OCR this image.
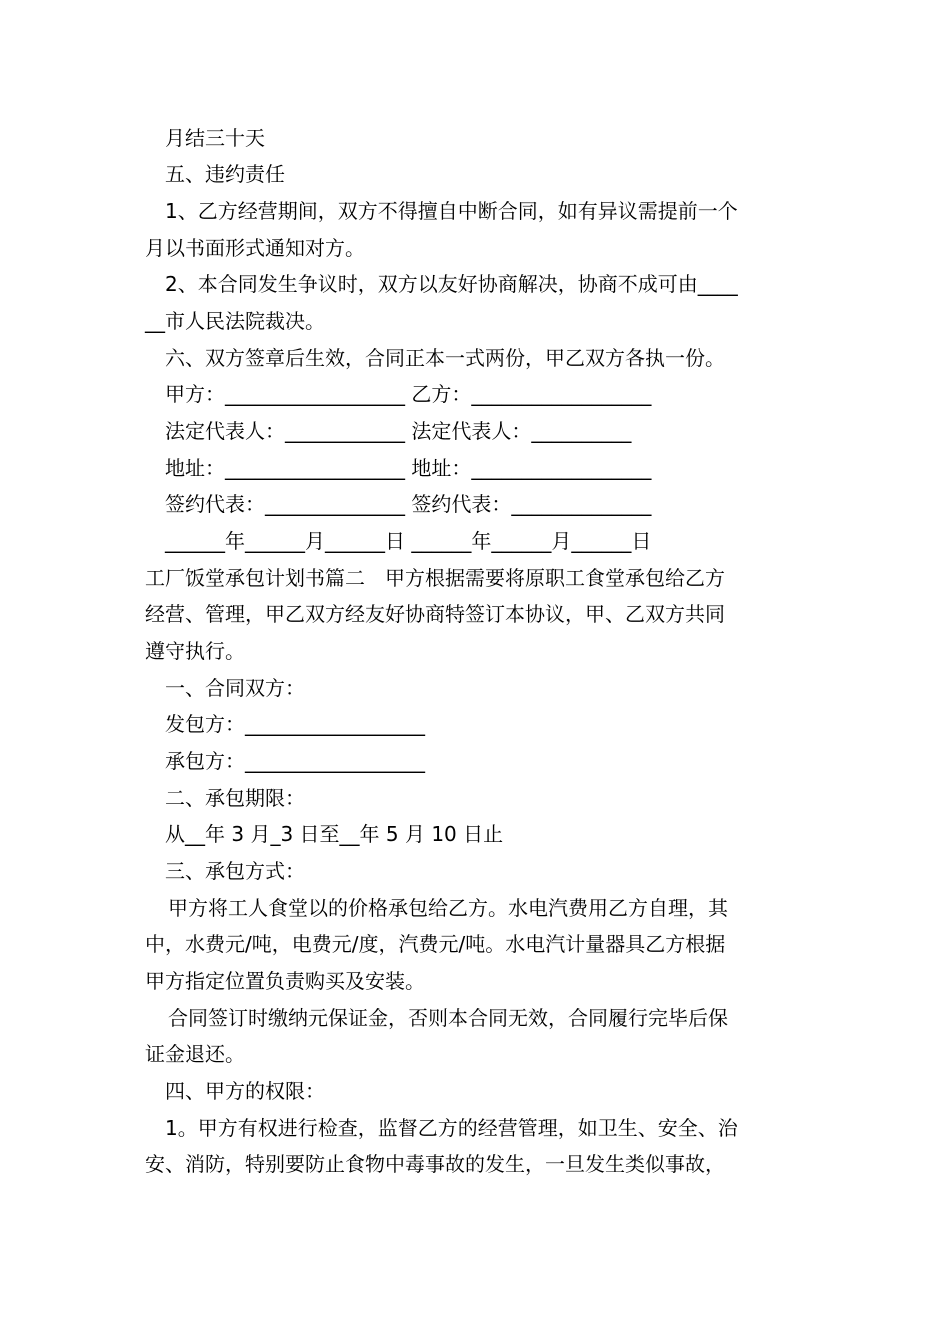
月结三十天

五、违约责任

1、乙方经营期间，双方不得擅自中断合同，如有异议需提前一个

月以书面形式通知对方。

2、本合同发生争议时，双方以友好协商解决，协商不成可由____

__市人民法院裁决。

六、双方签章后生效，合同正本一式两份，甲乙双方各执一份。

甲方：__________________ 乙方：__________________

法定代表人：____________ 法定代表人：__________

地址：__________________ 地址：__________________

签约代表：______________ 签约代表：______________

______年______月______日 ______年______月______日

工厂饭堂承包计划书篇二　甲方根据需要将原职工食堂承包给乙方

经营、管理，甲乙双方经友好协商特签订本协议，甲、乙双方共同

遵守执行。

一、合同双方：

发包方：__________________

承包方：__________________

二、承包期限：

从__年 3 月_3 日至__年 5 月 10 日止

三、承包方式：

甲方将工人食堂以的价格承包给乙方。水电汽费用乙方自理，其

中，水费元/吨，电费元/度，汽费元/吨。水电汽计量器具乙方根据

甲方指定位置负责购买及安装。

合同签订时缴纳元保证金，否则本合同无效，合同履行完毕后保

证金退还。

四、甲方的权限：

1。甲方有权进行检查，监督乙方的经营管理，如卫生、安全、治

安、消防，特别要防止食物中毒事故的发生，一旦发生类似事故，
